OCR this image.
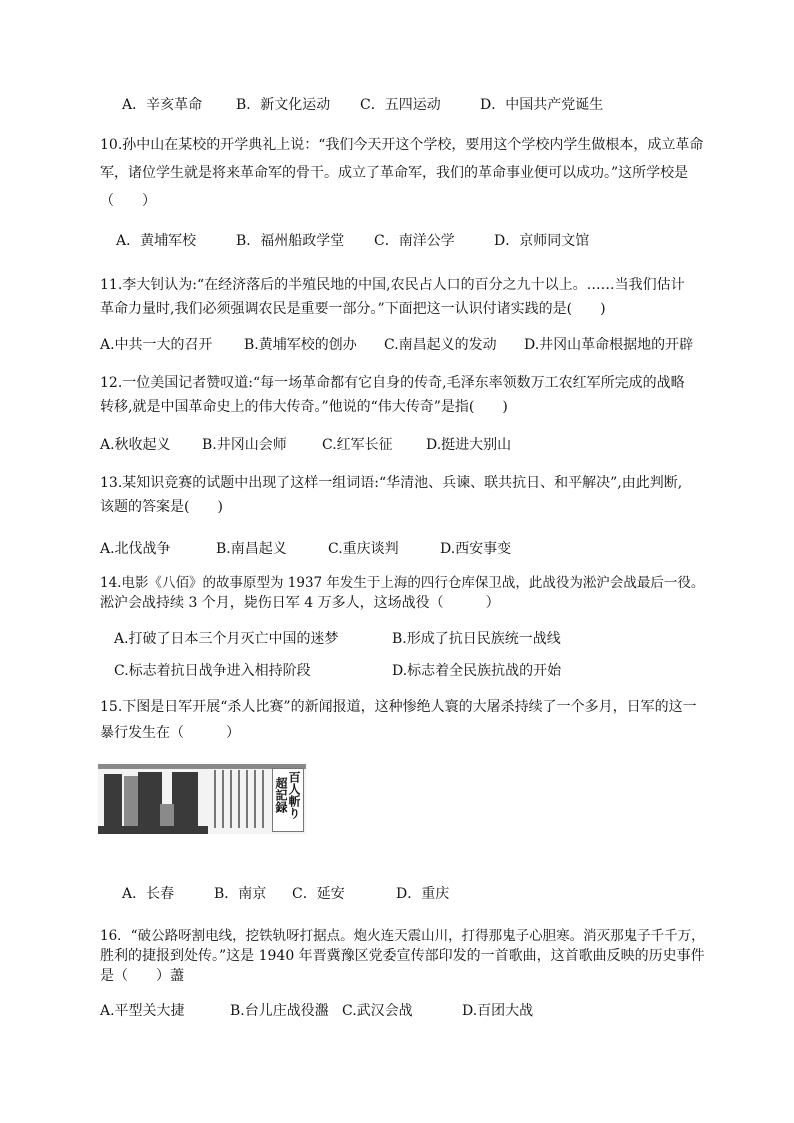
A．辛亥革命 B．新文化运动 C．五四运动	D．中国共产党诞生
10.孙中山在某校的开学典礼上说：“我们今天开这个学校，要用这个学校内学生做根本，成立革命
军，诸位学生就是将来革命军的骨干。成立了革命军，我们的革命事业便可以成功。”这所学校是
（　　）
A．黄埔军校	B．福州船政学堂 C．南洋公学	D．京师同文馆
11.李大钊认为:“在经济落后的半殖民地的中国,农民占人口的百分之九十以上。……当我们估计
革命力量时,我们必须强调农民是重要一部分。”下面把这一认识付诸实践的是(　　)
A.中共一大的召开 B.黄埔军校的创办 C.南昌起义的发动 D.井冈山革命根据地的开辟
12.一位美国记者赞叹道:“每一场革命都有它自身的传奇,毛泽东率领数万工农红军所完成的战略
转移,就是中国革命史上的伟大传奇。”他说的“伟大传奇”是指(　　)
A.秋收起义 B.井冈山会师	C.红军长征 D.挺进大别山
13.某知识竞赛的试题中出现了这样一组词语:“华清池、兵谏、联共抗日、和平解决”,由此判断,
该题的答案是(　　)
A.北伐战争	B.南昌起义	C.重庆谈判	D.西安事变
14.电影《八佰》的故事原型为 1937 年发生于上海的四行仓库保卫战，此战役为淞沪会战最后一役。
淞沪会战持续 3 个月，毙伤日军 4 万多人，这场战役（　　　）
A.打破了日本三个月灭亡中国的迷梦	B.形成了抗日民族统一战线
C.标志着抗日战争进入相持阶段	D.标志着全民族抗战的开始
15.下图是日军开展“杀人比赛”的新闻报道，这种惨绝人寰的大屠杀持续了一个多月，日军的这一
暴行发生在（　　　）
百人斬り
超記録
A．长春	B．南京 C．延安	D．重庆
16．“破公路呀割电线，挖铁轨呀打据点。炮火连天震山川，打得那鬼子心胆寒。消灭那鬼子千千万，
胜利的捷报到处传。”这是 1940 年晋冀豫区党委宣传部印发的一首歌曲，这首歌曲反映的历史事件
是（　　）藎
A.平型关大捷	B.台儿庄战役瀊 C.武汉会战	D.百团大战
